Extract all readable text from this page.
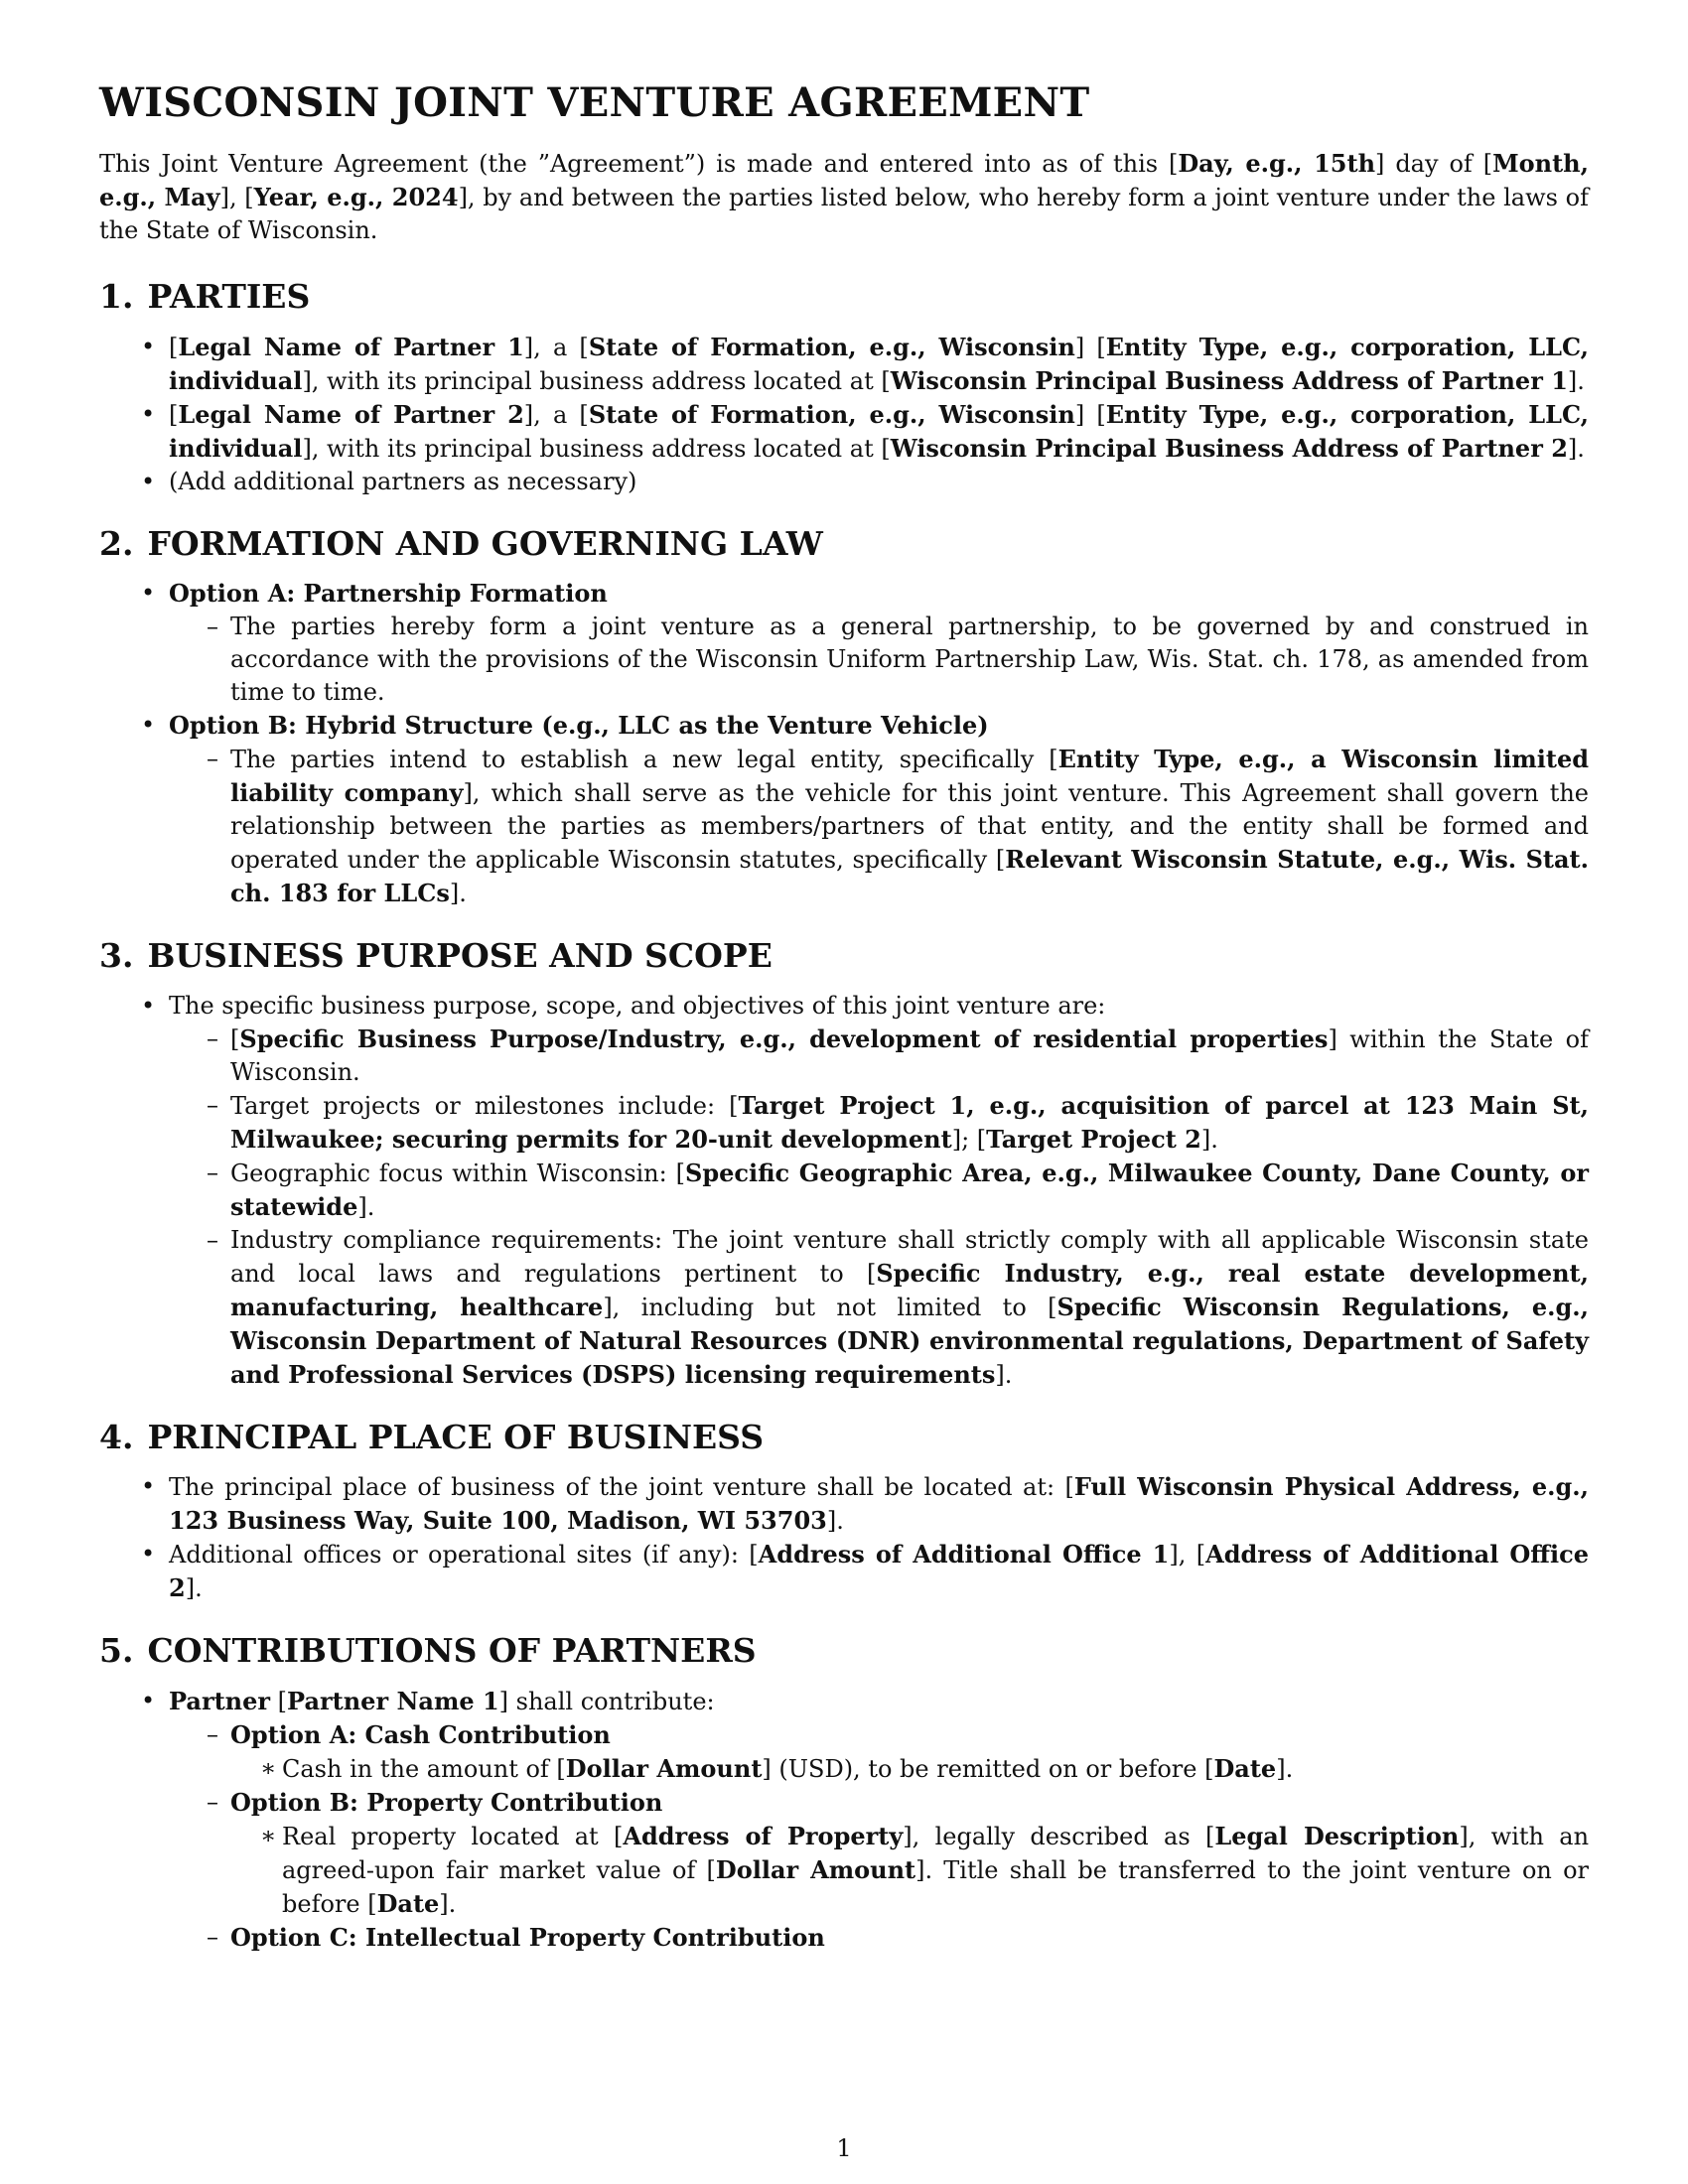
WISCONSIN JOINT VENTURE AGREEMENT

This Joint Venture Agreement (the ”Agreement”) is made and entered into as of this [Day, e.g., 15th] day of [Month, e.g., May], [Year, e.g., 2024], by and between the parties listed below, who hereby form a joint venture under the laws of the State of Wisconsin.

1. PARTIES
• [Legal Name of Partner 1], a [State of Formation, e.g., Wisconsin] [Entity Type, e.g., corporation, LLC, individual], with its principal business address located at [Wisconsin Principal Business Address of Partner 1].
• [Legal Name of Partner 2], a [State of Formation, e.g., Wisconsin] [Entity Type, e.g., corporation, LLC, individual], with its principal business address located at [Wisconsin Principal Business Address of Partner 2].
• (Add additional partners as necessary)
2. FORMATION AND GOVERNING LAW
• Option A: Partnership Formation
– The parties hereby form a joint venture as a general partnership, to be governed by and construed in accordance with the provisions of the Wisconsin Uniform Partnership Law, Wis. Stat. ch. 178, as amended from time to time.
• Option B: Hybrid Structure (e.g., LLC as the Venture Vehicle)
– The parties intend to establish a new legal entity, specifically [Entity Type, e.g., a Wisconsin limited liability company], which shall serve as the vehicle for this joint venture. This Agreement shall govern the relationship between the parties as members/partners of that entity, and the entity shall be formed and operated under the applicable Wisconsin statutes, specifically [Relevant Wisconsin Statute, e.g., Wis. Stat. ch. 183 for LLCs].
3. BUSINESS PURPOSE AND SCOPE
• The specific business purpose, scope, and objectives of this joint venture are:
– [Specific Business Purpose/Industry, e.g., development of residential properties] within the State of Wisconsin.
– Target projects or milestones include: [Target Project 1, e.g., acquisition of parcel at 123 Main St, Milwaukee; securing permits for 20-unit development]; [Target Project 2].
– Geographic focus within Wisconsin: [Specific Geographic Area, e.g., Milwaukee County, Dane County, or statewide].
– Industry compliance requirements: The joint venture shall strictly comply with all applicable Wisconsin state and local laws and regulations pertinent to [Specific Industry, e.g., real estate development, manufacturing, healthcare], including but not limited to [Specific Wisconsin Regulations, e.g., Wisconsin Department of Natural Resources (DNR) environmental regulations, Department of Safety and Professional Services (DSPS) licensing requirements].
4. PRINCIPAL PLACE OF BUSINESS
• The principal place of business of the joint venture shall be located at: [Full Wisconsin Physical Address, e.g., 123 Business Way, Suite 100, Madison, WI 53703].
• Additional offices or operational sites (if any): [Address of Additional Office 1], [Address of Additional Office 2].
5. CONTRIBUTIONS OF PARTNERS
• Partner [Partner Name 1] shall contribute:
– Option A: Cash Contribution
∗ Cash in the amount of [Dollar Amount] (USD), to be remitted on or before [Date].
– Option B: Property Contribution
∗ Real property located at [Address of Property], legally described as [Legal Description], with an agreed-upon fair market value of [Dollar Amount]. Title shall be transferred to the joint venture on or before [Date].
– Option C: Intellectual Property Contribution
1
